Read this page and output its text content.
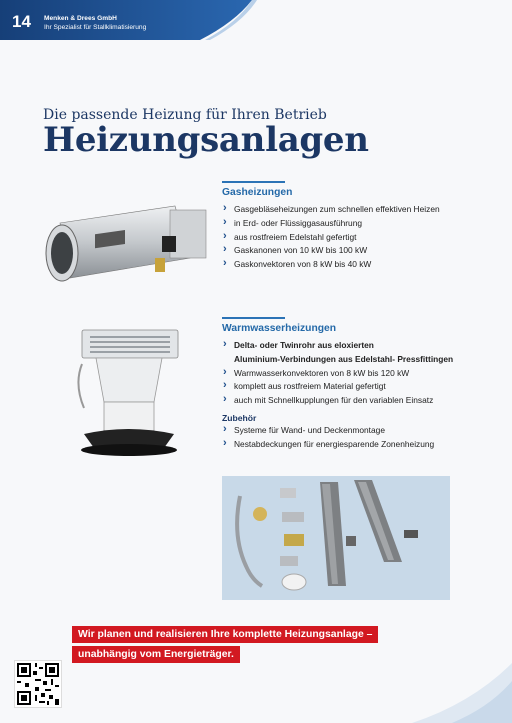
14 Menken & Drees GmbH
Ihr Spezialist für Stallklimatisierung
Die passende Heizung für Ihren Betrieb
Heizungsanlagen
Gasheizungen
› Gasgebläseheizungen zum schnellen effektiven Heizen
› in Erd- oder Flüssiggasausführung
› aus rostfreiem Edelstahl gefertigt
› Gaskanonen von 10 kW bis 100 kW
› Gaskonvektoren von 8 kW bis 40 kW
Warmwasserheizungen
› Delta- oder Twinrohr aus eloxierten
Aluminium-Verbindungen aus Edelstahl- Pressfittingen
› Warmwasserkonvektoren von 8 kW bis 120 kW
› komplett aus rostfreiem Material gefertigt
› auch mit Schnellkupplungen für den variablen Einsatz
Zubehör
› Systeme für Wand- und Deckenmontage
› Nestabdeckungen für energiesparende Zonenheizung
Wir planen und realisieren Ihre komplette Heizungsanlage –
unabhängig vom Energieträger.
